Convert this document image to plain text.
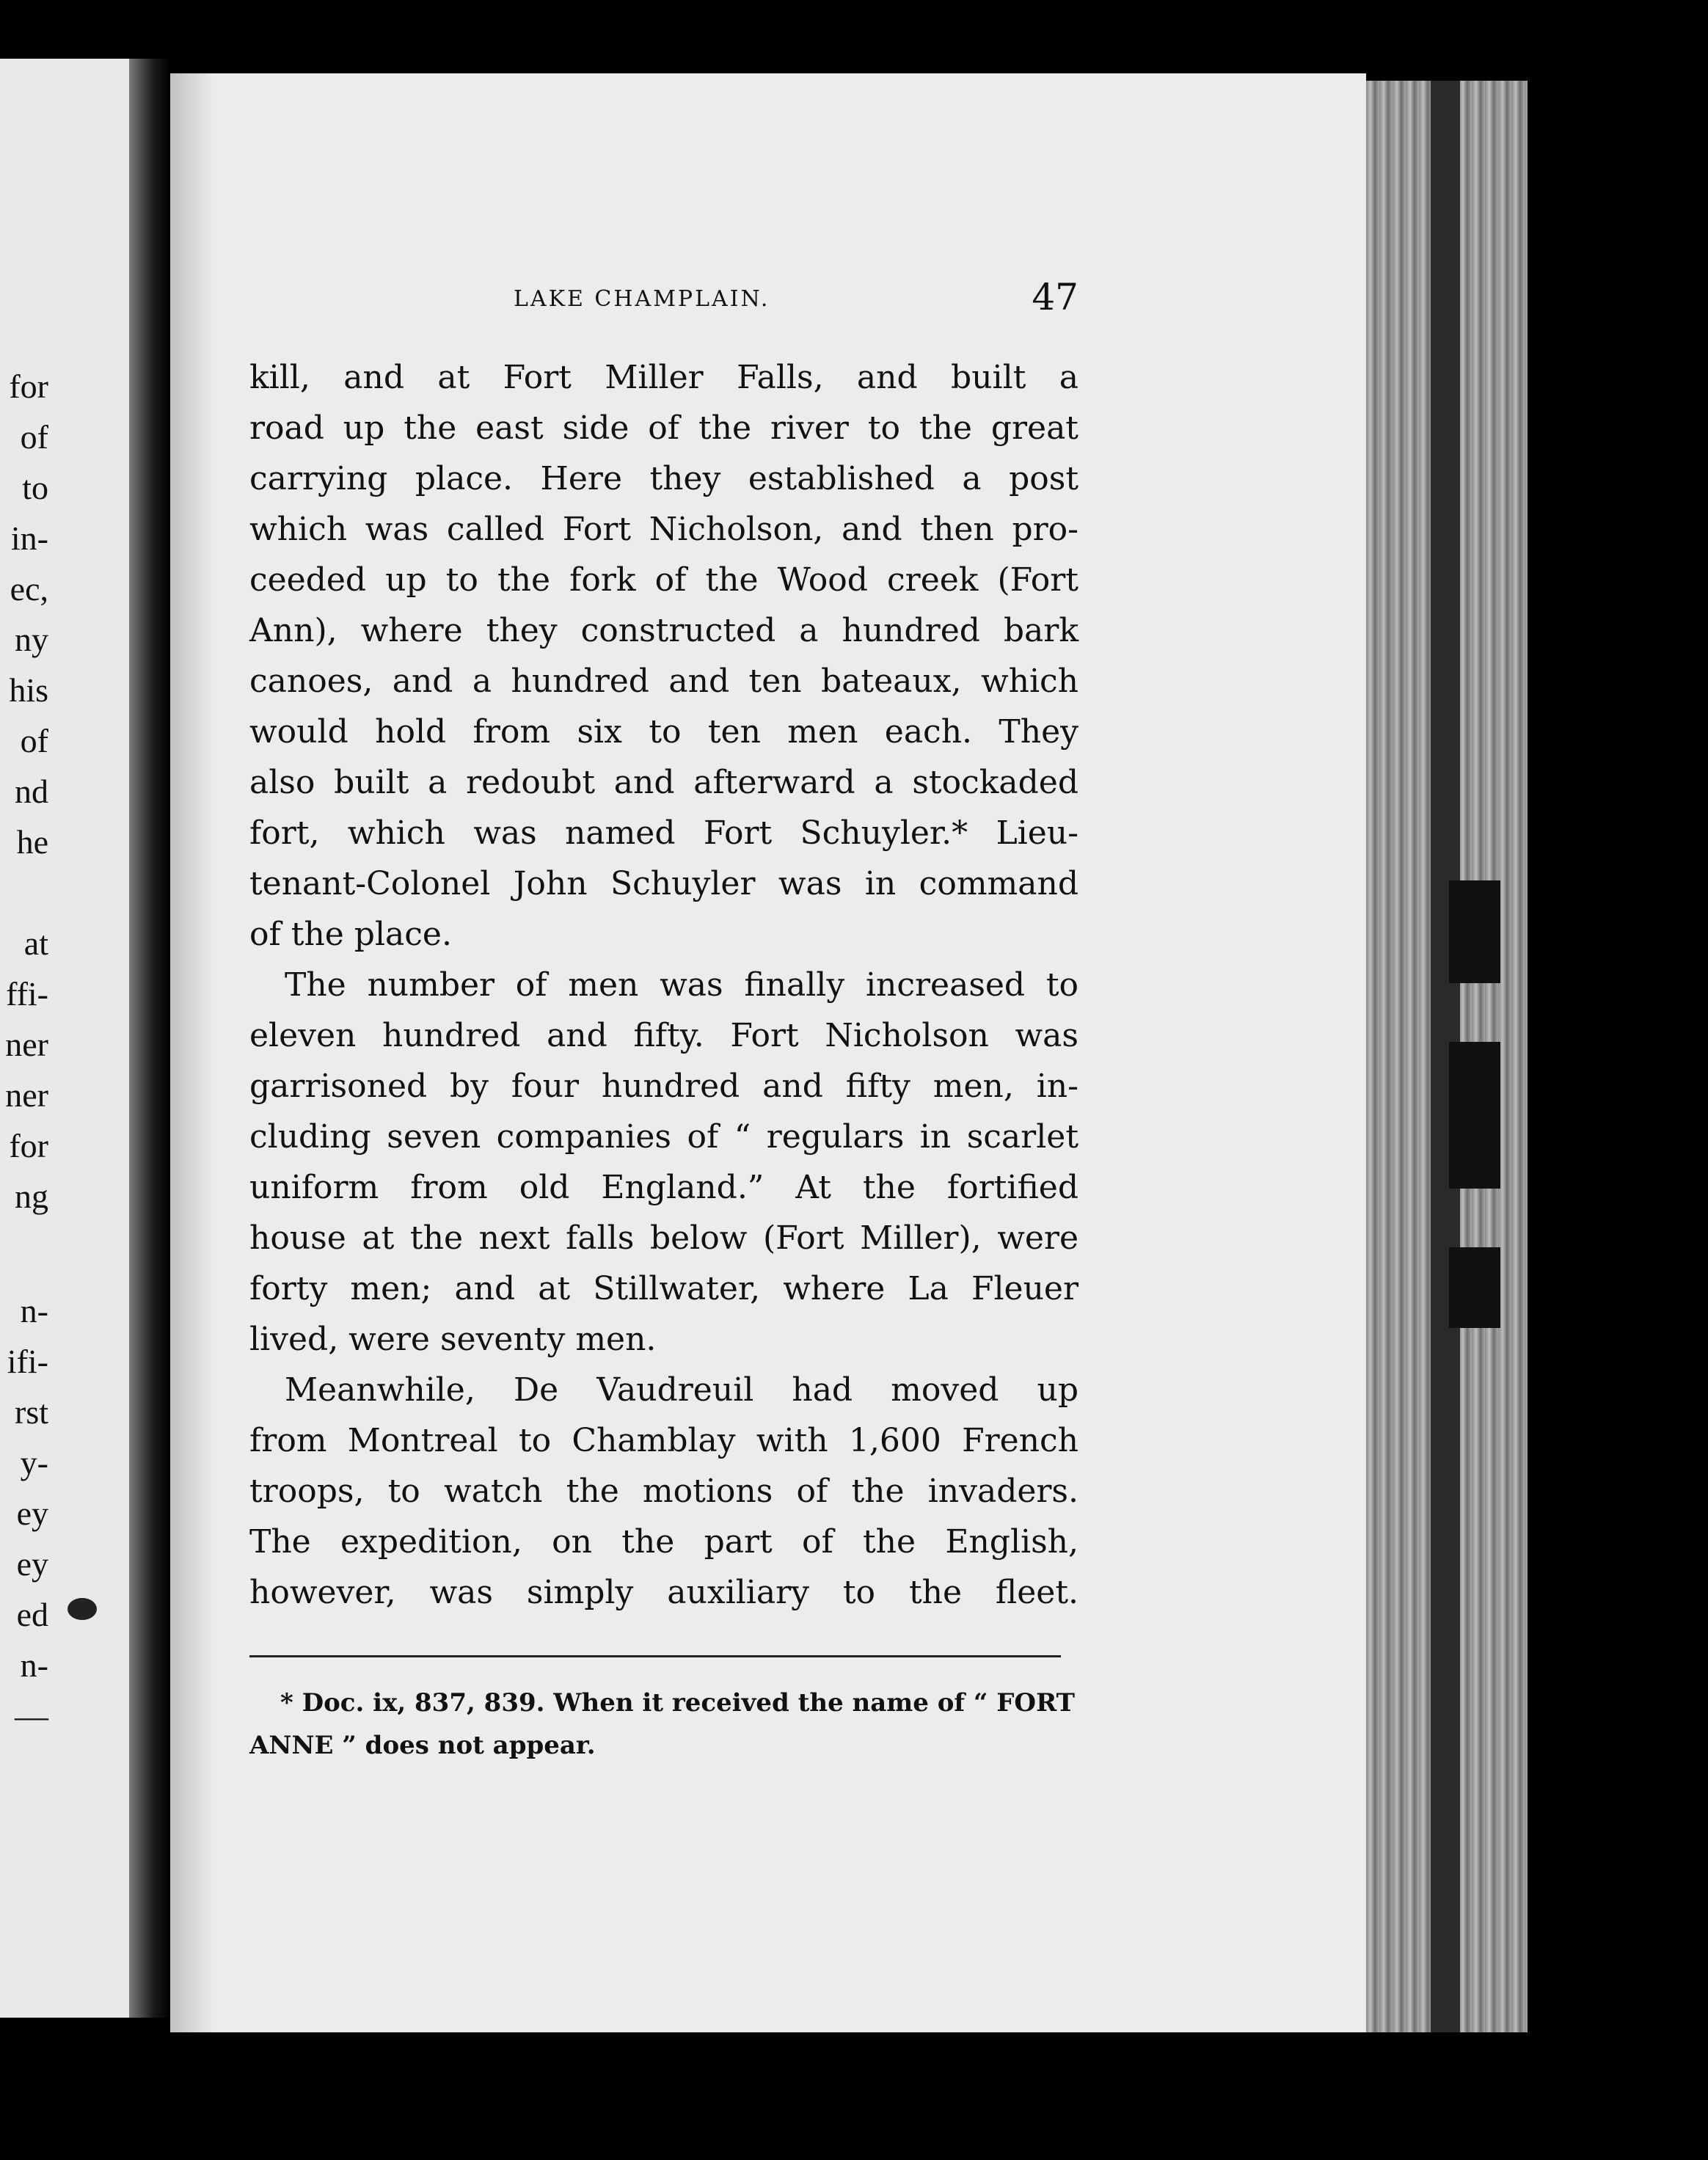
for
of
to
in-
ec,
ny
his
of
nd
he
at
ffi-
ner
ner
for
ng
n-
ifi-
rst
y-
ey
ey
ed
n-
—
LAKE CHAMPLAIN.	47
kill, and at Fort Miller Falls, and built a
road up the east side of the river to the great
carrying place. Here they established a post
which was called Fort Nicholson, and then pro-
ceeded up to the fork of the Wood creek (Fort
Ann), where they constructed a hundred bark
canoes, and a hundred and ten bateaux, which
would hold from six to ten men each. They
also built a redoubt and afterward a stockaded
fort, which was named Fort Schuyler.* Lieu-
tenant-Colonel John Schuyler was in command
of the place.
The number of men was finally increased to
eleven hundred and fifty. Fort Nicholson was
garrisoned by four hundred and fifty men, in-
cluding seven companies of “ regulars in scarlet
uniform from old England.” At the fortified
house at the next falls below (Fort Miller), were
forty men; and at Stillwater, where La Fleuer
lived, were seventy men.
Meanwhile, De Vaudreuil had moved up
from Montreal to Chamblay with 1,600 French
troops, to watch the motions of the invaders.
The expedition, on the part of the English,
however, was simply auxiliary to the fleet.
* Doc. ix, 837, 839. When it received the name of “ FORT
ANNE ” does not appear.
